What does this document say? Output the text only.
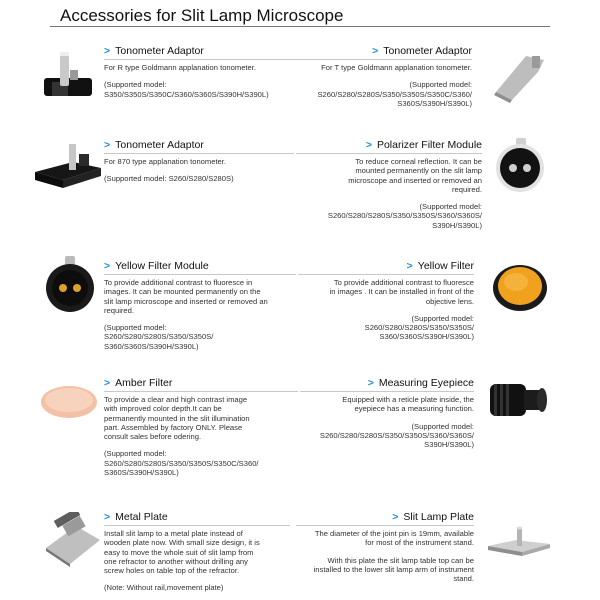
Accessories for Slit Lamp Microscope
> Tonometer Adaptor
For R type Goldmann applanation tonometer.
(Supported model:
S350/S350S/S350C/S360/S360S/S390H/S390L)
> Tonometer Adaptor
For T type Goldmann applanation tonometer.
(Supported model:
S260/S280/S280S/S350/S350S/S350C/S360/
S360S/S390H/S390L)
> Tonometer Adaptor
For 870 type applanation tonometer.
(Supported model: S260/S280/S280S)
> Polarizer Filter Module
To reduce corneal reflection. It can be
mounted permanently on the slit lamp
microscope and inserted or removed an
required.
(Supported model:
S260/S280/S280S/S350/S350S/S360/S360S/
S390H/S390L)
> Yellow Filter Module
To provide additional contrast to fluoresce in
images. It can be mounted permanently on the
slit lamp microscope and inserted or removed an
required.
(Supported model:
S260/S280/S280S/S350/S350S/
S360/S360S/S390H/S390L)
> Yellow Filter
To provide additional contrast to fluoresce
in images . It can be installed in front of the
objective lens.
(Supported model:
S260/S280/S280S/S350/S350S/
S360/S360S/S390H/S390L)
> Amber Filter
To provide a clear and high contrast image
with improved color depth.It can be
permanently mounted in the slit illumination
part. Assembled by factory ONLY. Please
consult sales before odering.
(Supported model:
S260/S280/S280S/S350/S350S/S350C/S360/
S360S/S390H/S390L)
> Measuring Eyepiece
Equipped with a reticle plate inside, the
eyepiece has a measuring function.
(Supported model:
S260/S280/S280S/S350/S350S/S360/S360S/
S390H/S390L)
> Metal Plate
Install slit lamp to a metal plate instead of
wooden plate now. With small size design, it is
easy to move the whole suit of slit lamp from
one refractor to another without drilling any
screw holes on table top of the refractor.
(Note: Without rail,movement plate)
> Slit Lamp Plate
The diameter of the joint pin is 19mm, available
for most of the instrument stand.
With this plate the slit lamp table top can be
installed to the lower slit lamp arm of instrument
stand.
